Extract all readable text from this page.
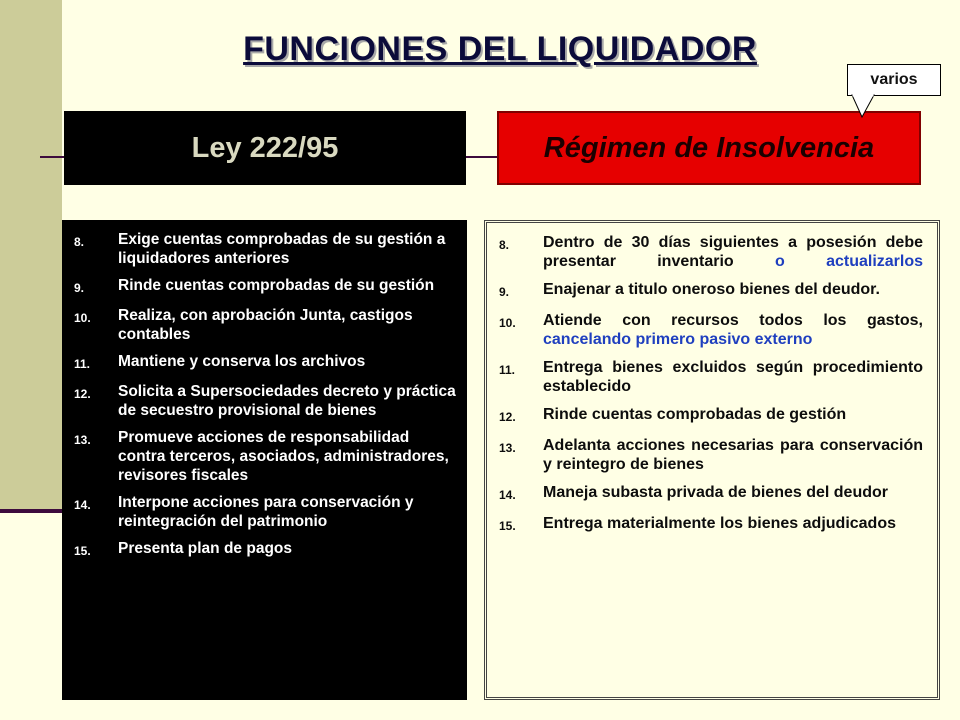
FUNCIONES DEL LIQUIDADOR
Ley 222/95	Régimen de Insolvencia
varios
8.	Exige cuentas comprobadas de su gestión a liquidadores anteriores
9.	Rinde cuentas comprobadas de su gestión
10.	Realiza, con aprobación Junta, castigos contables
11.	Mantiene y conserva los archivos
12.	Solicita a Supersociedades decreto y práctica de secuestro provisional de bienes
13.	Promueve acciones de responsabilidad contra terceros, asociados, administradores, revisores fiscales
14.	Interpone acciones para conservación y reintegración del patrimonio
15.	Presenta plan de pagos
8.	Dentro de 30 días siguientes a posesión debe presentar inventario	o actualizarlos
9.	Enajenar a titulo oneroso bienes del deudor.
10.	Atiende con recursos todos los gastos, cancelando primero pasivo externo
11.	Entrega bienes excluidos según procedimiento establecido
12.	Rinde cuentas comprobadas de gestión
13.	Adelanta acciones necesarias para conservación y reintegro de bienes
14.	Maneja subasta privada de bienes del deudor
15.	Entrega materialmente los bienes adjudicados
